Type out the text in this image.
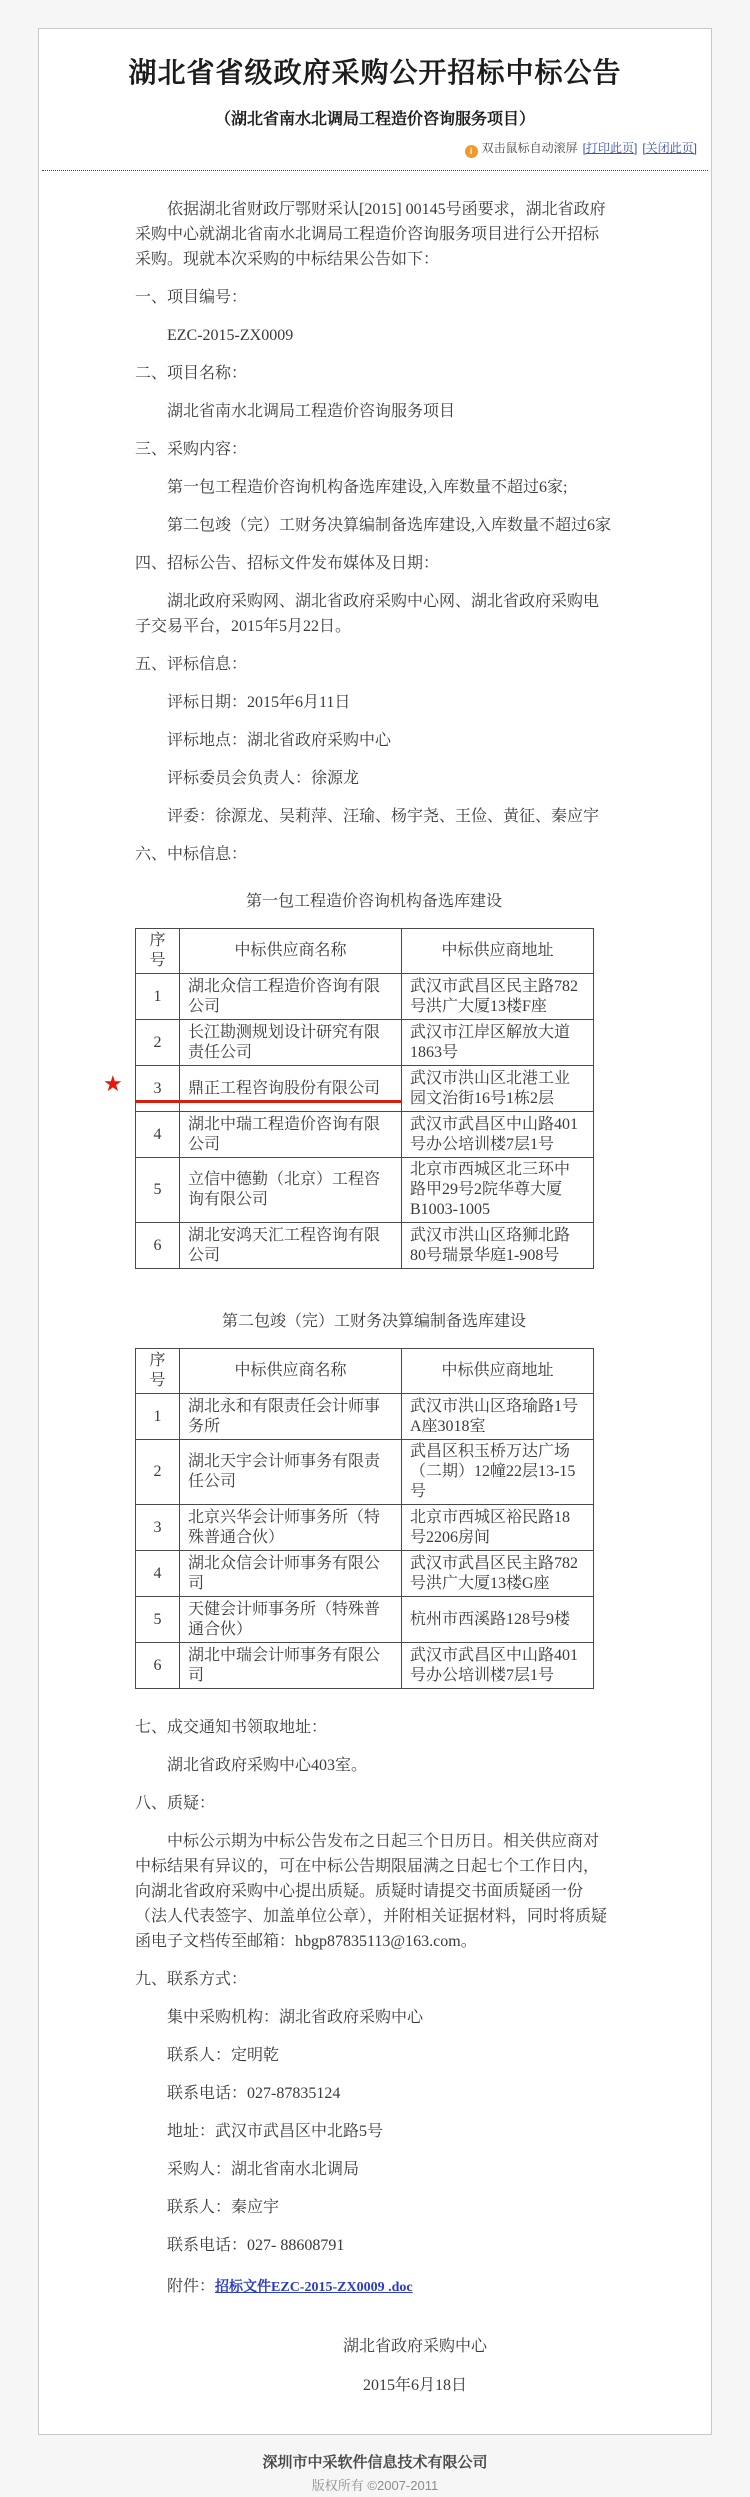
湖北省省级政府采购公开招标中标公告
（湖北省南水北调局工程造价咨询服务项目）
i 双击鼠标自动滚屏 [打印此页] [关闭此页]

依据湖北省财政厅鄂财采认[2015] 00145号函要求，湖北省政府采购中心就湖北省南水北调局工程造价咨询服务项目进行公开招标采购。现就本次采购的中标结果公告如下：

一、项目编号：

EZC-2015-ZX0009

二、项目名称：

湖北省南水北调局工程造价咨询服务项目

三、采购内容：

第一包工程造价咨询机构备选库建设,入库数量不超过6家;

第二包竣（完）工财务决算编制备选库建设,入库数量不超过6家

四、招标公告、招标文件发布媒体及日期：

湖北政府采购网、湖北省政府采购中心网、湖北省政府采购电子交易平台，2015年5月22日。

五、评标信息：

评标日期：2015年6月11日

评标地点：湖北省政府采购中心

评标委员会负责人：徐源龙

评委：徐源龙、吴莉萍、汪瑜、杨宇尧、王俭、黄征、秦应宇

六、中标信息：

第一包工程造价咨询机构备选库建设

★
序号	中标供应商名称	中标供应商地址
1	湖北众信工程造价咨询有限公司	武汉市武昌区民主路782号洪广大厦13楼F座
2	长江勘测规划设计研究有限责任公司	武汉市江岸区解放大道1863号
3	鼎正工程咨询股份有限公司	武汉市洪山区北港工业园文治街16号1栋2层
4	湖北中瑞工程造价咨询有限公司	武汉市武昌区中山路401号办公培训楼7层1号
5	立信中德勤（北京）工程咨询有限公司	北京市西城区北三环中路甲29号2院华尊大厦B1003-1005
6	湖北安鸿天汇工程咨询有限公司	武汉市洪山区珞狮北路80号瑞景华庭1-908号

第二包竣（完）工财务决算编制备选库建设

序号	中标供应商名称	中标供应商地址
1	湖北永和有限责任会计师事务所	武汉市洪山区珞瑜路1号A座3018室
2	湖北天宇会计师事务有限责任公司	武昌区积玉桥万达广场（二期）12幢22层13-15号
3	北京兴华会计师事务所（特殊普通合伙）	北京市西城区裕民路18号2206房间
4	湖北众信会计师事务有限公司	武汉市武昌区民主路782号洪广大厦13楼G座
5	天健会计师事务所（特殊普通合伙）	杭州市西溪路128号9楼
6	湖北中瑞会计师事务有限公司	武汉市武昌区中山路401号办公培训楼7层1号

七、成交通知书领取地址：

湖北省政府采购中心403室。

八、质疑：

中标公示期为中标公告发布之日起三个日历日。相关供应商对中标结果有异议的，可在中标公告期限届满之日起七个工作日内，向湖北省政府采购中心提出质疑。质疑时请提交书面质疑函一份（法人代表签字、加盖单位公章），并附相关证据材料，同时将质疑函电子文档传至邮箱：hbgp87835113@163.com。

九、联系方式：

集中采购机构：湖北省政府采购中心

联系人：定明乾

联系电话：027-87835124

地址：武汉市武昌区中北路5号

采购人：湖北省南水北调局

联系人：秦应宇

联系电话：027- 88608791

附件：招标文件EZC-2015-ZX0009 .doc

湖北省政府采购中心
2015年6月18日
深圳市中采软件信息技术有限公司
版权所有 ©2007-2011
